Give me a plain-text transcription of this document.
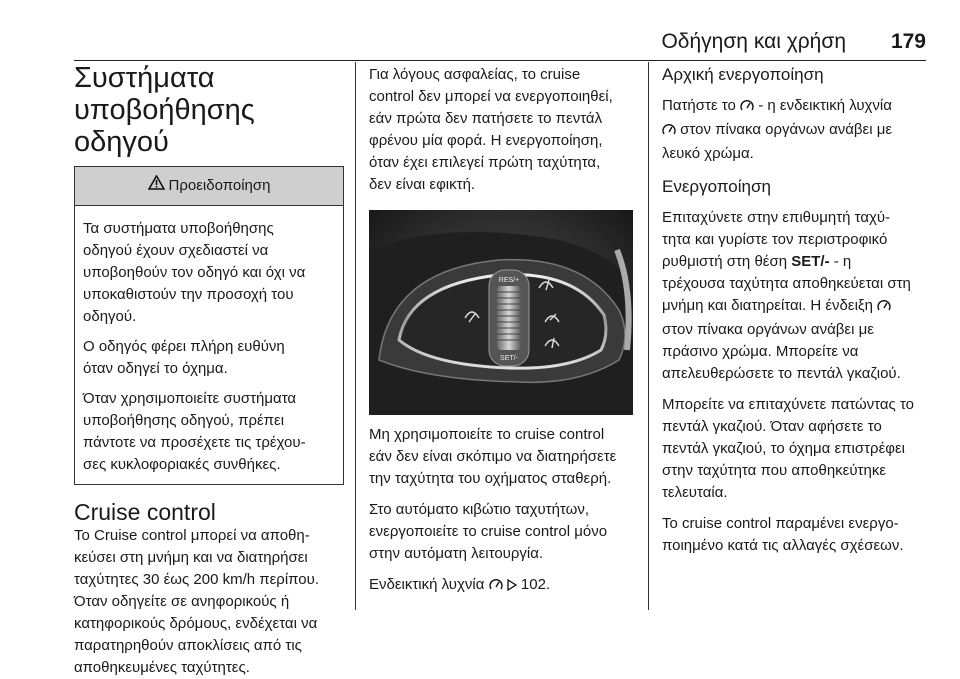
Οδήγηση και χρήση 179
Συστήματα
υποβοήθησης οδηγού
Προειδοποίηση

Τα συστήματα υποβοήθησης
οδηγού έχουν σχεδιαστεί να
υποβοηθούν τον οδηγό και όχι να
υποκαθιστούν την προσοχή του
οδηγού.

Ο οδηγός φέρει πλήρη ευθύνη
όταν οδηγεί το όχημα.

Όταν χρησιμοποιείτε συστήματα
υποβοήθησης οδηγού, πρέπει
πάντοτε να προσέχετε τις τρέχου-
σες κυκλοφοριακές συνθήκες.

Cruise control

Το Cruise control μπορεί να αποθη-
κεύσει στη μνήμη και να διατηρήσει
ταχύτητες 30 έως 200 km/h περίπου.
Όταν οδηγείτε σε ανηφορικούς ή
κατηφορικούς δρόμους, ενδέχεται να
παρατηρηθούν αποκλίσεις από τις
αποθηκευμένες ταχύτητες.

Για λόγους ασφαλείας, το cruise
control δεν μπορεί να ενεργοποιηθεί,
εάν πρώτα δεν πατήσετε το πεντάλ
φρένου μία φορά. Η ενεργοποίηση,
όταν έχει επιλεγεί πρώτη ταχύτητα,
δεν είναι εφικτή.

RES/+
SET/-

Μη χρησιμοποιείτε το cruise control
εάν δεν είναι σκόπιμο να διατηρήσετε
την ταχύτητα του οχήματος σταθερή.

Στο αυτόματο κιβώτιο ταχυτήτων,
ενεργοποιείτε το cruise control μόνο
στην αυτόματη λειτουργία.

Ενδεικτική λυχνία 102.

Αρχική ενεργοποίηση

Πατήστε το - η ενδεικτική λυχνία
στον πίνακα οργάνων ανάβει με
λευκό χρώμα.

Ενεργοποίηση

Επιταχύνετε στην επιθυμητή ταχύ-
τητα και γυρίστε τον περιστροφικό
ρυθμιστή στη θέση SET/- - η
τρέχουσα ταχύτητα αποθηκεύεται στη
μνήμη και διατηρείται. Η ένδειξη
στον πίνακα οργάνων ανάβει με
πράσινο χρώμα. Μπορείτε να
απελευθερώσετε το πεντάλ γκαζιού.

Μπορείτε να επιταχύνετε πατώντας το
πεντάλ γκαζιού. Όταν αφήσετε το
πεντάλ γκαζιού, το όχημα επιστρέφει
στην ταχύτητα που αποθηκεύτηκε
τελευταία.

Το cruise control παραμένει ενεργο-
ποιημένο κατά τις αλλαγές σχέσεων.
